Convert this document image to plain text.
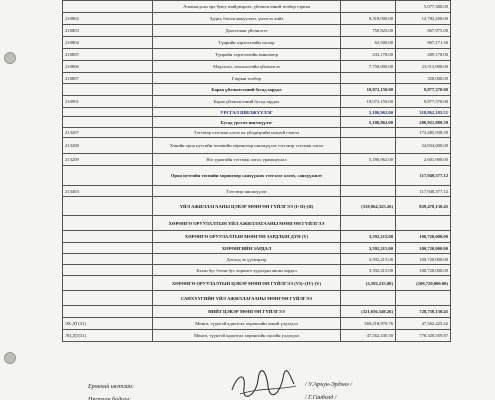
	Ачаалагдсан эрх буюу шийдвэрлэх, үйлчилгээний төлбөр тэрвэн		5,077,300.00
210802	Аудит, баталгаажуулалт, үнэлгээ хийх	8,318,000.00	12,782,200.00
210803	Даатгалын үйлчилгээ	750,825.00	867,975.00
210804	Түнрийн хэрэглэлийн тасаар	62,500.00	867,171.30
210805	Түнрийн хэрэглэлийн өмнөхөөр	233,178.00	289,178.00
210806	Мэдээлэл, технологийн үйлчилгээ	7,758,000.00	23,513,900.00
210807	Газрын төлбөр		350,000.00
	Бараа үйлчилгээний бусад зардал	10,072,150.00	9,877,370.00
210901	Бараа үйлчилгээний бусад зардал	10,072,150.00	9,877,370.00
	УРСГАЛ ШИЛЖҮҮЛЭГ	5,186,962.00	318,862,185.51
	Бусад урсгал шилжүүлэг	5,186,962.00	200,921,880.39
213207	Тэтгэвэр тэтгэмж олгох нь үйлдвэрийн ноцтой гэмтэл		173,485,938.39
213208	Хэвийн орон нутгийн төсөвийн хөрөнгөөр шилжүүлэх тэтгэвэр тэтгэмж олгох		24,834,000.00
213209	Нэг удаагийн тэтгэмж олгох урамшуулал	5,186,962.00	2,601,900.00
	Орон нутгийн төсвийн хөрөнгөөр санхүүжих тэтгэлэг олгох, санхүүжилт		117,940,377.12
213403	Тэтгэвэр шилжүүлэг		117,940,377.12
	ҮЙЛ АЖИЛЛАГААНЫ ЦЭВЭР МӨНГӨН ГҮЙЛГЭЭ (I+II)-(II)	(318,064,325.26)	829,478,130.45
	ХӨРӨНГӨ ОРУУЛАЛТЫН ҮЙЛ АЖИЛЛАГААНЫ МӨНГӨН ГҮЙЛГЭЭ		
	ХӨРӨНГӨ ОРУУЛАЛТЫН МӨНГӨН ЗАРДЛЫН ДҮН (V)	3,592,215.00	100,720,000.00
	ХӨРӨНГИЙН ЗАРДАЛ	3,592,215.00	100,720,000.00
	Дотоод эх үүсвэрээр	3,592,215.00	100,720,000.00
	Бэлэн бус бэлэн бус хөрөнгө худалдан авсан зардал	3,592,215.00	100,720,000.00
	ХӨРӨНГӨ ОРУУЛАЛТЫН ЦЭВЭР МӨНГӨН ГҮЙЛГЭЭ (VI)=(IV)-(V)	(3,592,215.00)	(100,720,000.00)
	САНХҮҮГИЙН ҮЙЛ АЖИЛЛАГААНЫ МӨНГӨН ГҮЙЛГЭЭ		
	НИЙТ ЦЭВЭР МӨНГӨН ГҮЙЛГЭЭ	(321,656,540.26)	728,758,130.45
ЭХ.ДТ(31)	Мөнгө, түүнтэй адилтгах хөрөнгийн эхний үлдэгдэл	369,218,970.76	47,562,425.42
ЭЦ.ДТ(31)	Мөнгө, түүнтэй адилтгах хөрөнгийн эцсийн үлдэгдэл	47,562,430.50	776,320,559.87
Ерөнхий нягтлан:	/ У.Аръун-Эрдэнэ /
Нягтлан бодогч:	/ Г.Ганболд /
